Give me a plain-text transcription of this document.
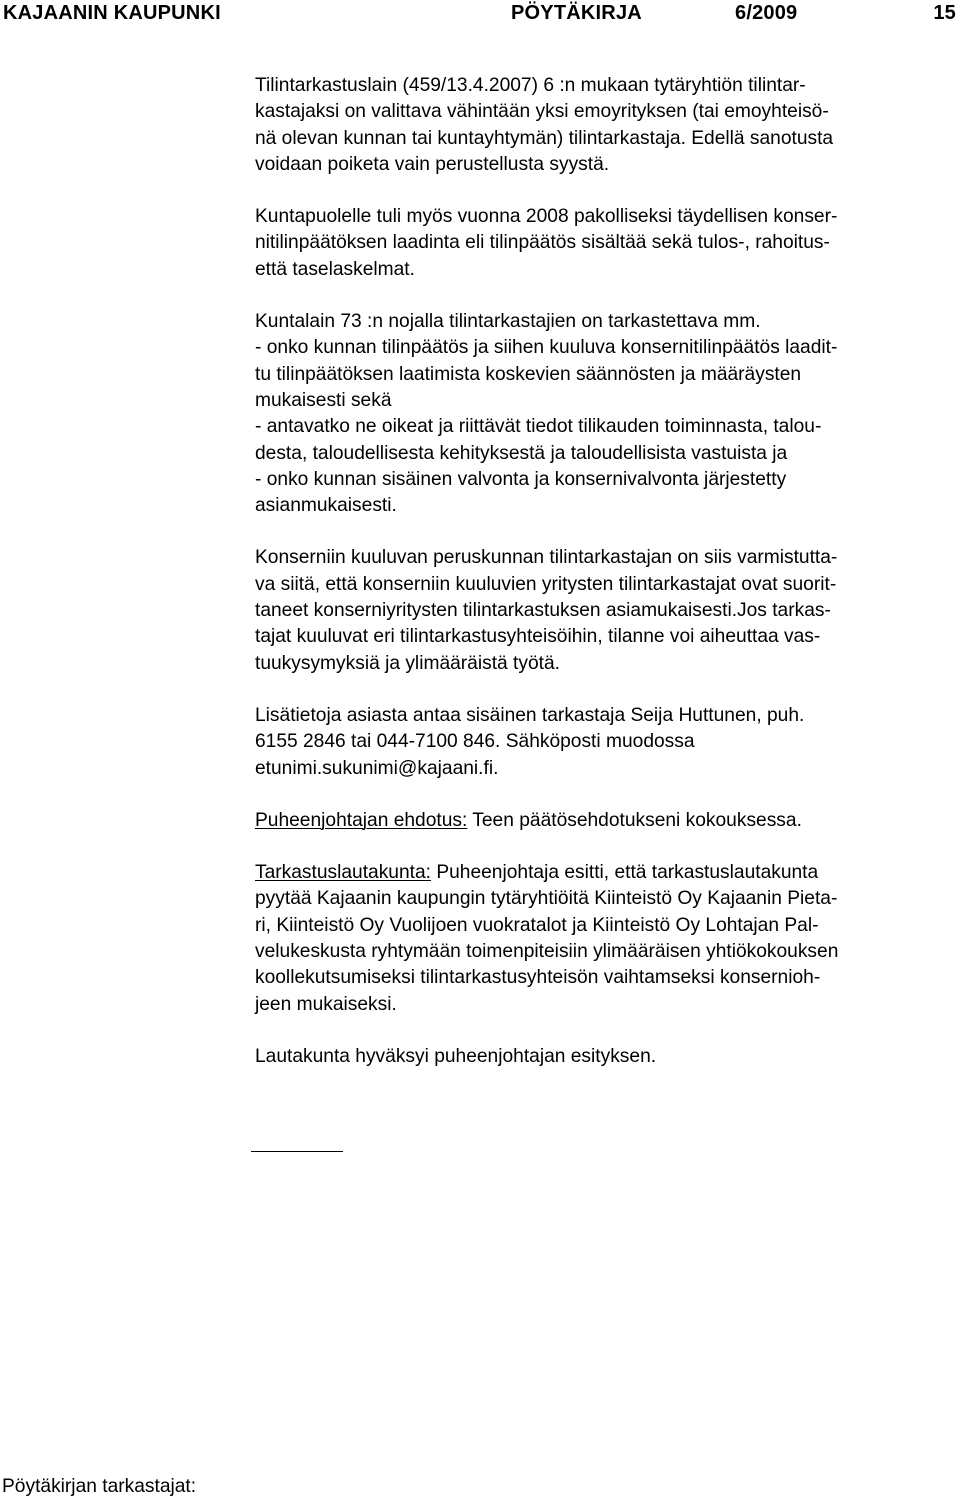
KAJAANIN KAUPUNKI	PÖYTÄKIRJA	6/2009	15

Tilintarkastuslain (459/13.4.2007) 6 :n mukaan tytäryhtiön tilintar-
kastajaksi on valittava vähintään yksi emoyrityksen (tai emoyhteisö-
nä olevan kunnan tai kuntayhtymän) tilintarkastaja. Edellä sanotusta
voidaan poiketa vain perustellusta syystä.

Kuntapuolelle tuli myös vuonna 2008 pakolliseksi täydellisen konser-
nitilinpäätöksen laadinta eli tilinpäätös sisältää sekä tulos-, rahoitus-
että taselaskelmat.

Kuntalain 73 :n nojalla tilintarkastajien on tarkastettava mm.
- onko kunnan tilinpäätös ja siihen kuuluva konsernitilinpäätös laadit-
tu tilinpäätöksen laatimista koskevien säännösten ja määräysten
mukaisesti sekä
- antavatko ne oikeat ja riittävät tiedot tilikauden toiminnasta, talou-
desta, taloudellisesta kehityksestä ja taloudellisista vastuista ja
- onko kunnan sisäinen valvonta ja konsernivalvonta järjestetty
asianmukaisesti.

Konserniin kuuluvan peruskunnan tilintarkastajan on siis varmistutta-
va siitä, että konserniin kuuluvien yritysten tilintarkastajat ovat suorit-
taneet konserniyritysten tilintarkastuksen asiamukaisesti.Jos tarkas-
tajat kuuluvat eri tilintarkastusyhteisöihin, tilanne voi aiheuttaa vas-
tuukysymyksiä ja ylimääräistä työtä.

Lisätietoja asiasta antaa sisäinen tarkastaja Seija Huttunen, puh.
6155 2846 tai 044-7100 846. Sähköposti muodossa
etunimi.sukunimi@kajaani.fi.

Puheenjohtajan ehdotus: Teen päätösehdotukseni kokouksessa.

Tarkastuslautakunta: Puheenjohtaja esitti, että tarkastuslautakunta
pyytää Kajaanin kaupungin tytäryhtiöitä Kiinteistö Oy Kajaanin Pieta-
ri, Kiinteistö Oy Vuolijoen vuokratalot ja Kiinteistö Oy Lohtajan Pal-
velukeskusta ryhtymään toimenpiteisiin ylimääräisen yhtiökokouksen
koollekutsumiseksi tilintarkastusyhteisön vaihtamseksi konsernioh-
jeen mukaiseksi.

Lautakunta hyväksyi puheenjohtajan esityksen.

Pöytäkirjan tarkastajat:
